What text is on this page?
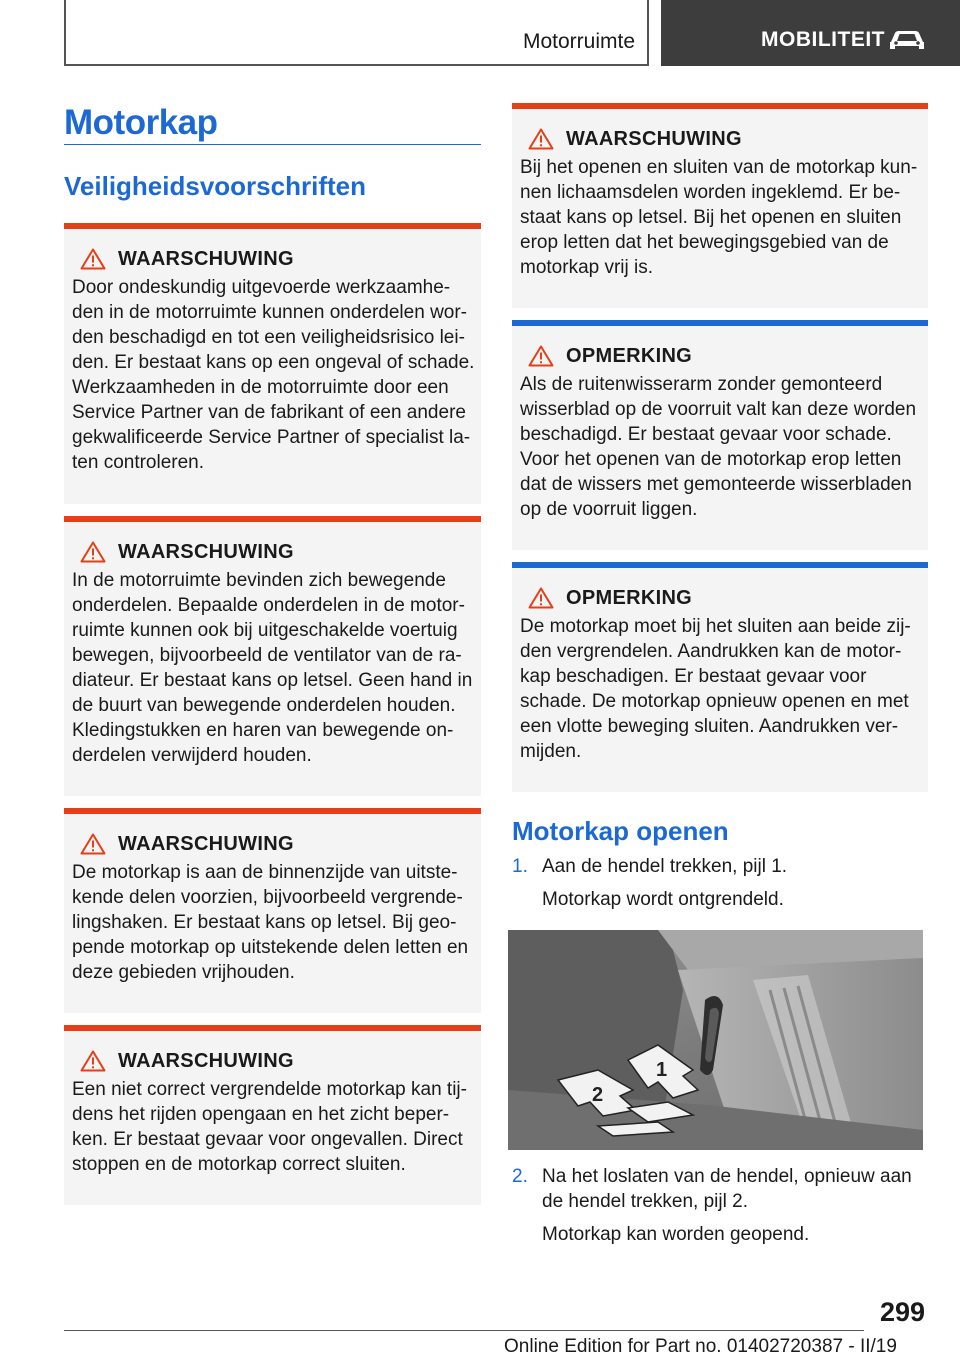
Motorruimte	MOBILITEIT
Motorkap
Veiligheidsvoorschriften
WAARSCHUWING

Door ondeskundig uitgevoerde werkzaamhe‐den in de motorruimte kunnen onderdelen wor‐den beschadigd en tot een veiligheidsrisico lei‐den. Er bestaat kans op een ongeval of schade. Werkzaamheden in de motorruimte door een Service Partner van de fabrikant of een andere gekwalificeerde Service Partner of specialist la‐ten controleren.

WAARSCHUWING

In de motorruimte bevinden zich bewegende onderdelen. Bepaalde onderdelen in de motor‐ruimte kunnen ook bij uitgeschakelde voertuig bewegen, bijvoorbeeld de ventilator van de ra‐diateur. Er bestaat kans op letsel. Geen hand in de buurt van bewegende onderdelen houden. Kledingstukken en haren van bewegende on‐derdelen verwijderd houden.

WAARSCHUWING

De motorkap is aan de binnenzijde van uitste‐kende delen voorzien, bijvoorbeeld vergrende‐lingshaken. Er bestaat kans op letsel. Bij geo‐pende motorkap op uitstekende delen letten en deze gebieden vrijhouden.

WAARSCHUWING

Een niet correct vergrendelde motorkap kan tij‐dens het rijden opengaan en het zicht beper‐ken. Er bestaat gevaar voor ongevallen. Direct stoppen en de motorkap correct sluiten.

WAARSCHUWING

Bij het openen en sluiten van de motorkap kun‐nen lichaamsdelen worden ingeklemd. Er be‐staat kans op letsel. Bij het openen en sluiten erop letten dat het bewegingsgebied van de motorkap vrij is.

OPMERKING

Als de ruitenwisserarm zonder gemonteerd wisserblad op de voorruit valt kan deze worden beschadigd. Er bestaat gevaar voor schade. Voor het openen van de motorkap erop letten dat de wissers met gemonteerde wisserbladen op de voorruit liggen.

OPMERKING

De motorkap moet bij het sluiten aan beide zij‐den vergrendelen. Aandrukken kan de motor‐kap beschadigen. Er bestaat gevaar voor schade. De motorkap opnieuw openen en met een vlotte beweging sluiten. Aandrukken ver‐mijden.

Motorkap openen
1. Aan de hendel trekken, pijl 1.

Motorkap wordt ontgrendeld.

1
2
2. Na het loslaten van de hendel, opnieuw aan de hendel trekken, pijl 2.

Motorkap kan worden geopend.

299
Online Edition for Part no. 01402720387 - II/19
